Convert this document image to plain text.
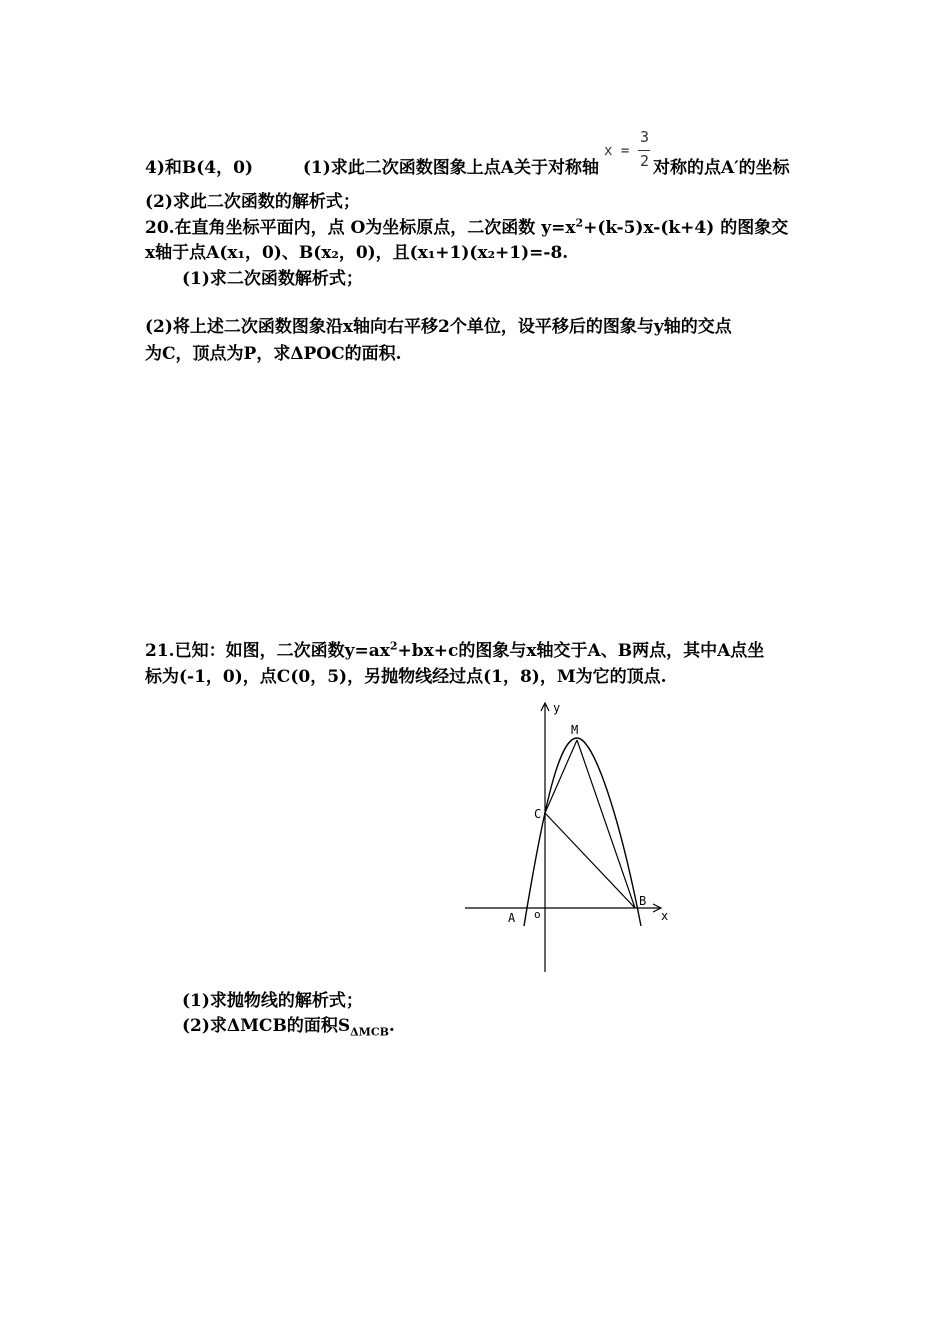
4)和B(4，0)	(1)求此二次函数图象上点A关于对称轴
x =
3
2 对称的点A′的坐标
(2)求此二次函数的解析式；
20.在直角坐标平面内，点 O为坐标原点，二次函数 $y=x^2+(k-5)x-(k+4)$ 的图象交
x轴于点A(x₁，0)、B(x₂，0)，且(x₁+1)(x₂+1)=-8.
(1)求二次函数解析式；
(2)将上述二次函数图象沿x轴向右平移2个单位，设平移后的图象与y轴的交点
为C，顶点为P，求ΔPOC的面积.
21.已知：如图，二次函数$y=ax^2+bx+c$的图象与x轴交于A、B两点，其中A点坐
标为(-1，0)，点C(0，5)，另抛物线经过点(1，8)，M为它的顶点.
y
x
M
C
B
A o
(1)求抛物线的解析式；
(2)求ΔMCB的面积$S_{\Delta MCB}$.
